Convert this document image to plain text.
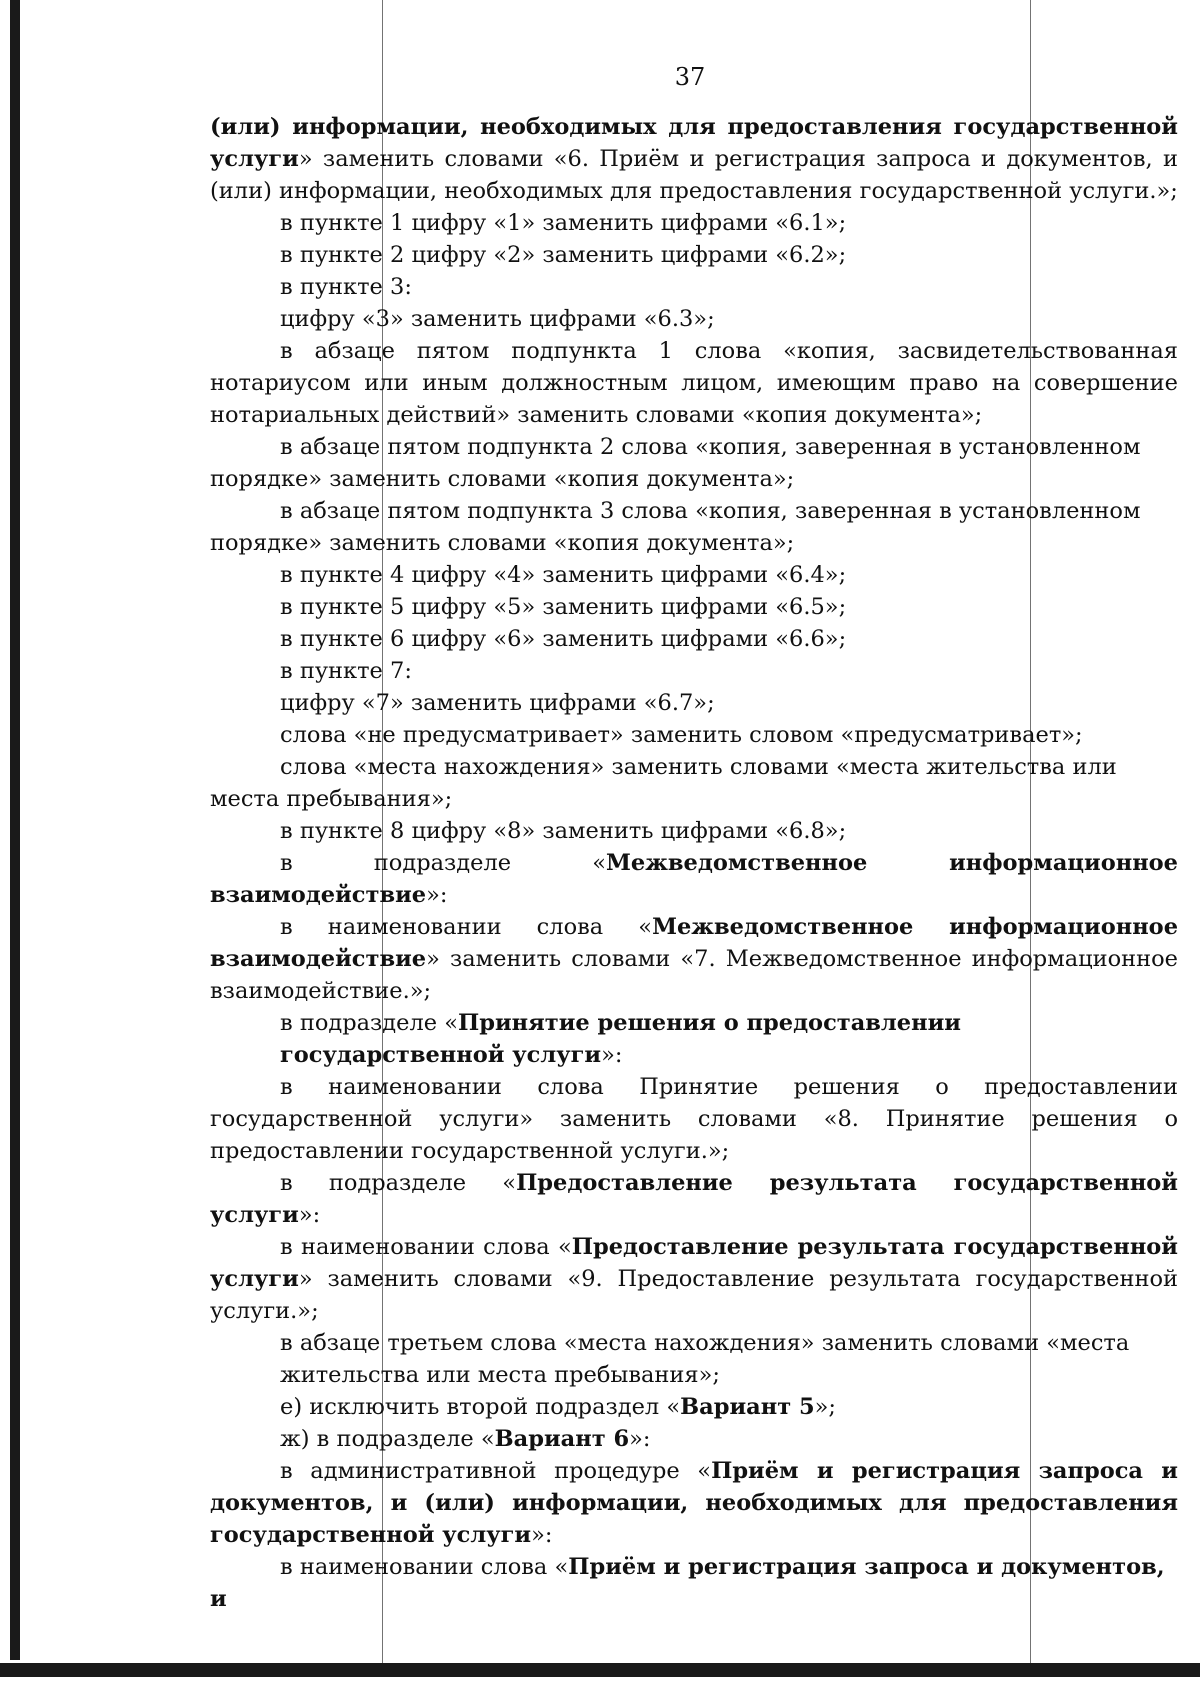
37

(или) информации, необходимых для предоставления государственной услуги» заменить словами «6. Приём и регистрация запроса и документов, и (или) информации, необходимых для предоставления государственной услуги.»;

в пункте 1 цифру «1» заменить цифрами «6.1»;

в пункте 2 цифру «2» заменить цифрами «6.2»;

в пункте 3:

цифру «3» заменить цифрами «6.3»;

в абзаце пятом подпункта 1 слова «копия, засвидетельствованная нотариусом или иным должностным лицом, имеющим право на совершение нотариальных действий» заменить словами «копия документа»;

в абзаце пятом подпункта 2 слова «копия, заверенная в установленном порядке» заменить словами «копия документа»;

в абзаце пятом подпункта 3 слова «копия, заверенная в установленном порядке» заменить словами «копия документа»;

в пункте 4 цифру «4» заменить цифрами «6.4»;

в пункте 5 цифру «5» заменить цифрами «6.5»;

в пункте 6 цифру «6» заменить цифрами «6.6»;

в пункте 7:

цифру «7» заменить цифрами «6.7»;

слова «не предусматривает» заменить словом «предусматривает»;

слова «места нахождения» заменить словами «места жительства или места пребывания»;

в пункте 8 цифру «8» заменить цифрами «6.8»;

в подразделе «Межведомственное информационное взаимодействие»:

в наименовании слова «Межведомственное информационное взаимодействие» заменить словами «7. Межведомственное информационное взаимодействие.»;

в подразделе «Принятие решения о предоставлении государственной услуги»:

в наименовании слова Принятие решения о предоставлении государственной услуги» заменить словами «8. Принятие решения о предоставлении государственной услуги.»;

в подразделе «Предоставление результата государственной услуги»:

в наименовании слова «Предоставление результата государственной услуги» заменить словами «9. Предоставление результата государственной услуги.»;

в абзаце третьем слова «места нахождения» заменить словами «места жительства или места пребывания»;

е) исключить второй подраздел «Вариант 5»;

ж) в подразделе «Вариант 6»:

в административной процедуре «Приём и регистрация запроса и документов, и (или) информации, необходимых для предоставления государственной услуги»:

в наименовании слова «Приём и регистрация запроса и документов, и
